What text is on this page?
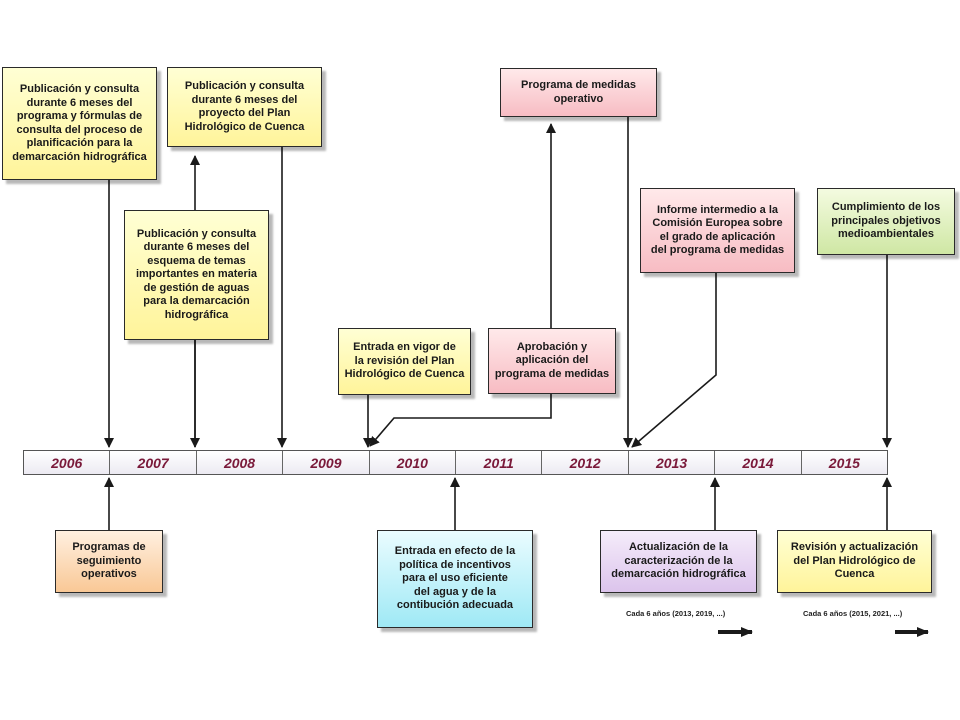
Publicación y consulta
durante 6 meses del
programa y fórmulas de
consulta del proceso de
planificación para la
demarcación hidrográfica
Publicación y consulta
durante 6 meses del
proyecto del Plan
Hidrológico de Cuenca
Publicación y consulta
durante 6 meses del
esquema de temas
importantes en materia
de gestión de aguas
para la demarcación
hidrográfica
Programa de medidas
operativo
Informe intermedio a la
Comisión Europea sobre
el grado de aplicación
del programa de medidas
Cumplimiento de los
principales objetivos
medioambientales
Entrada en vigor de
la revisión del Plan
Hidrológico de Cuenca
Aprobación y
aplicación del
programa de medidas
2006	2007	2008	2009	2010	2011	2012	2013	2014	2015
Programas de
seguimiento
operativos
Entrada en efecto de la
política de incentivos
para el uso eficiente
del agua y de la
contibución adecuada
Actualización de la
caracterización de la
demarcación hidrográfica
Revisión y actualización
del Plan Hidrológico de
Cuenca
Cada 6 años (2013, 2019, ...)	Cada 6 años (2015, 2021, ...)
